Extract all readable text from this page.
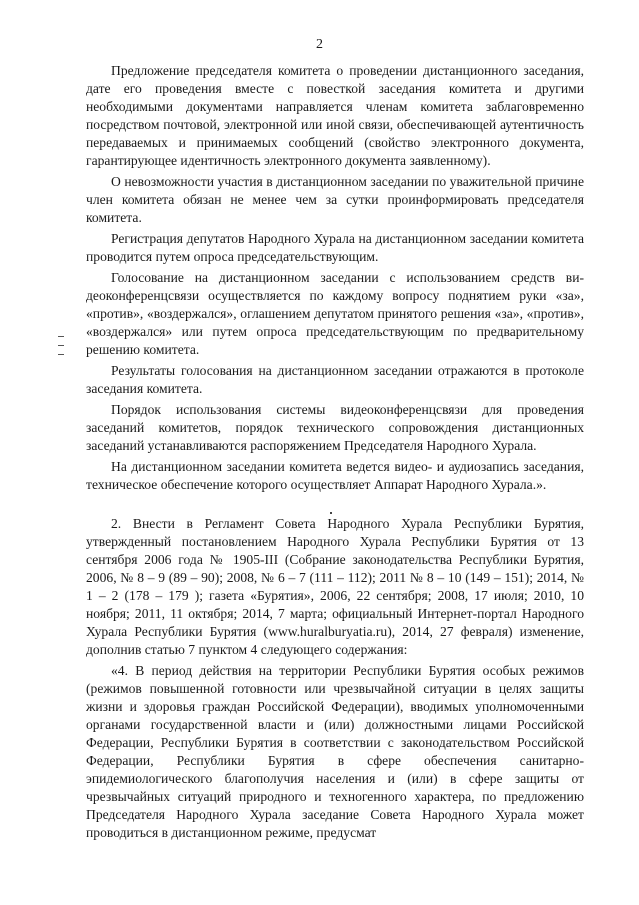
2

Предложение председателя комитета о проведении дистанционного заседания, дате его проведения вместе с повесткой заседания комитета и другими необходимыми документами направляется членам комитета заблаговременно посредством почтовой, электронной или иной связи, обеспечивающей аутентичность передаваемых и принимаемых сообщений (свойство электронного документа, гарантирующее идентичность электронного документа заявленному).

О невозможности участия в дистанционном заседании по уважительной причине член комитета обязан не менее чем за сутки проинформировать председателя комитета.

Регистрация депутатов Народного Хурала на дистанционном заседании комитета проводится путем опроса председательствующим.

Голосование на дистанционном заседании с использованием средств видеоконференцсвязи осуществляется по каждому вопросу поднятием руки «за», «против», «воздержался», оглашением депутатом принятого решения «за», «против», «воздержался» или путем опроса председательствующим по предварительному решению комитета.

Результаты голосования на дистанционном заседании отражаются в протоколе заседания комитета.

Порядок использования системы видеоконференцсвязи для проведения заседаний комитетов, порядок технического сопровождения дистанционных заседаний устанавливаются распоряжением Председателя Народного Хурала.

На дистанционном заседании комитета ведется видео- и аудиозапись заседания, техническое обеспечение которого осуществляет Аппарат Народного Хурала.».

2. Внести в Регламент Совета Народного Хурала Республики Бурятия, утвержденный постановлением Народного Хурала Республики Бурятия от 13 сентября 2006 года № 1905-III (Собрание законодательства Республики Бурятия, 2006, № 8 – 9 (89 – 90); 2008, № 6 – 7 (111 – 112); 2011 № 8 – 10 (149 – 151); 2014, № 1 – 2 (178 – 179 ); газета «Бурятия», 2006, 22 сентября; 2008, 17 июля; 2010, 10 ноября; 2011, 11 октября; 2014, 7 марта; официальный Интернет-портал Народного Хурала Республики Бурятия (www.huralburyatia.ru), 2014, 27 февраля) изменение, дополнив статью 7 пунктом 4 следующего содержания:

«4. В период действия на территории Республики Бурятия особых режимов (режимов повышенной готовности или чрезвычайной ситуации в целях защиты жизни и здоровья граждан Российской Федерации), вводимых уполномоченными органами государственной власти и (или) должностными лицами Российской Федерации, Республики Бурятия в соответствии с законодательством Российской Федерации, Республики Бурятия в сфере обеспечения санитарно-эпидемиологического благополучия населения и (или) в сфере защиты от чрезвычайных ситуаций природного и техногенного характера, по предложению Председателя Народного Хурала заседание Совета Народного Хурала может проводиться в дистанционном режиме, предусмат
